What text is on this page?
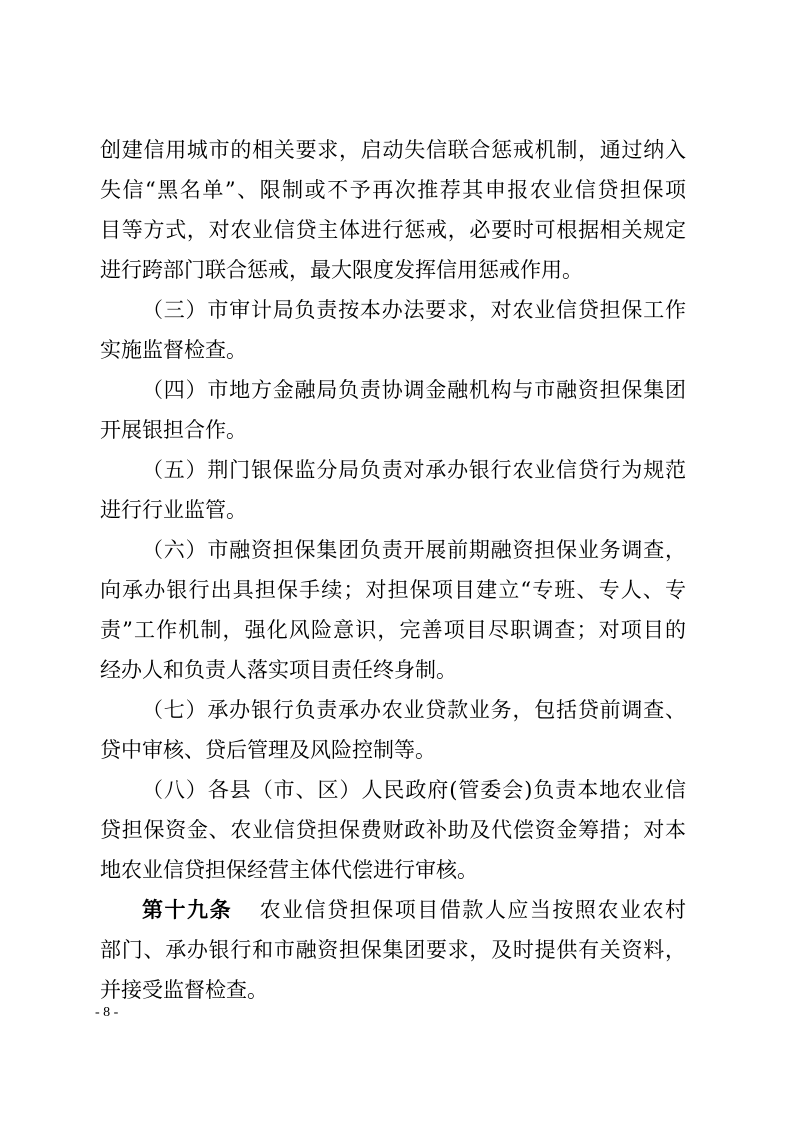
创建信用城市的相关要求，启动失信联合惩戒机制，通过纳入
失信“黑名单”、限制或不予再次推荐其申报农业信贷担保项
目等方式，对农业信贷主体进行惩戒，必要时可根据相关规定
进行跨部门联合惩戒，最大限度发挥信用惩戒作用。
（三）市审计局负责按本办法要求，对农业信贷担保工作
实施监督检查。
（四）市地方金融局负责协调金融机构与市融资担保集团
开展银担合作。
（五）荆门银保监分局负责对承办银行农业信贷行为规范
进行行业监管。
（六）市融资担保集团负责开展前期融资担保业务调查，
向承办银行出具担保手续；对担保项目建立“专班、专人、专
责”工作机制，强化风险意识，完善项目尽职调查；对项目的
经办人和负责人落实项目责任终身制。
（七）承办银行负责承办农业贷款业务，包括贷前调查、
贷中审核、贷后管理及风险控制等。
（八）各县（市、区）人民政府(管委会)负责本地农业信
贷担保资金、农业信贷担保费财政补助及代偿资金筹措；对本
地农业信贷担保经营主体代偿进行审核。
第十九条 农业信贷担保项目借款人应当按照农业农村
部门、承办银行和市融资担保集团要求，及时提供有关资料，
并接受监督检查。
- 8 -
